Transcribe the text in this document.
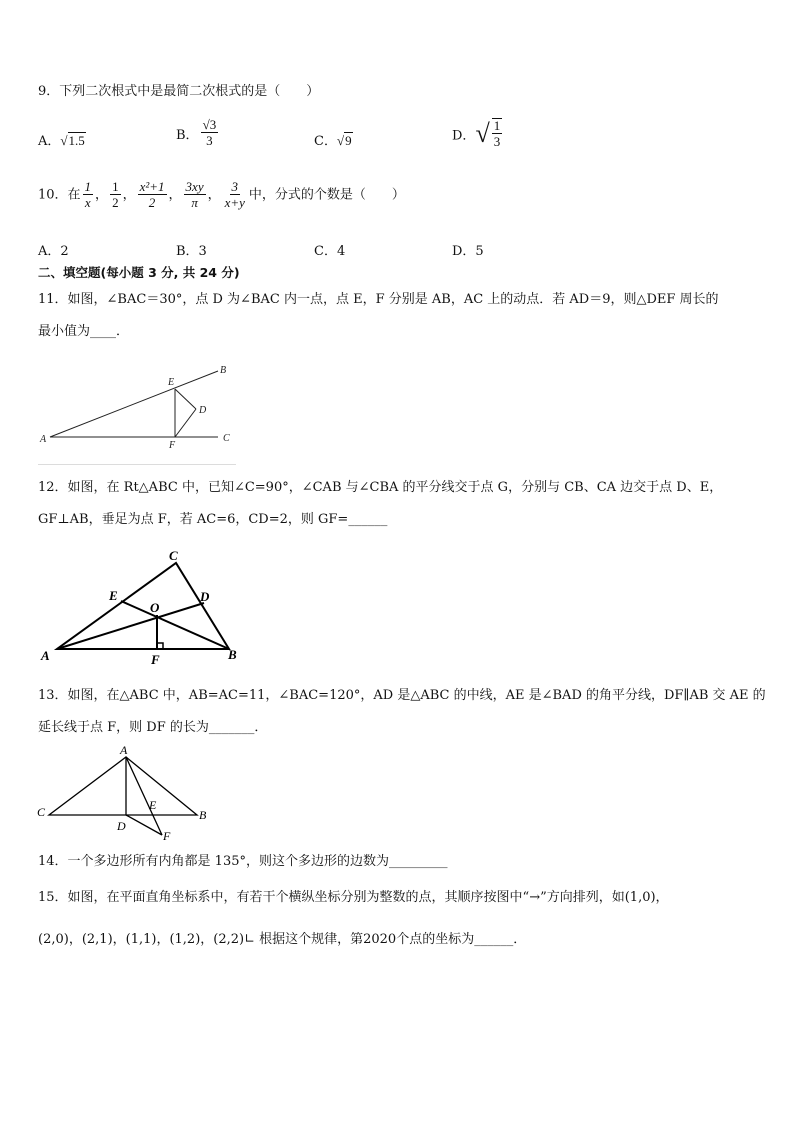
9．下列二次根式中是最简二次根式的是（　　）
A．√1.5	B． $\frac{√3}{3}$	C．√9	D．√ $\frac{1}{3}$
10．在 $\frac{1}{x}$ ， $\frac{1}{2}$ ， $\frac{\text{x²+1}}{2}$ ， $\frac{3xy}{\pi}$ ， $\frac{3}{x+y}$ 中，分式的个数是（　　）
A．2	B．3	C．4	D．5
二、填空题(每小题 3 分, 共 24 分)
11．如图，∠BAC＝30°，点 D 为∠BAC 内一点，点 E，F 分别是 AB，AC 上的动点．若 AD＝9，则△DEF 周长的
最小值为____．
A
B
C
D
E
F
12．如图，在 Rt△ABC 中，已知∠C=90°，∠CAB 与∠CBA 的平分线交于点 G，分别与 CB、CA 边交于点 D、E，
GF⊥AB，垂足为点 F，若 AC=6，CD=2，则 GF=______
A	B
C
D
E
O
F
13．如图，在△ABC 中，AB=AC=11，∠BAC=120°，AD 是△ABC 的中线，AE 是∠BAD 的角平分线，DF∥AB 交 AE 的
延长线于点 F，则 DF 的长为_______．
A
B
C
D
E
F
14．一个多边形所有内角都是 135°，则这个多边形的边数为_________
15．如图，在平面直角坐标系中，有若干个横纵坐标分别为整数的点，其顺序按图中“→”方向排列，如(1,0)，
(2,0)，(2,1)，(1,1)，(1,2)，(2,2)∟ 根据这个规律，第2020个点的坐标为______．
